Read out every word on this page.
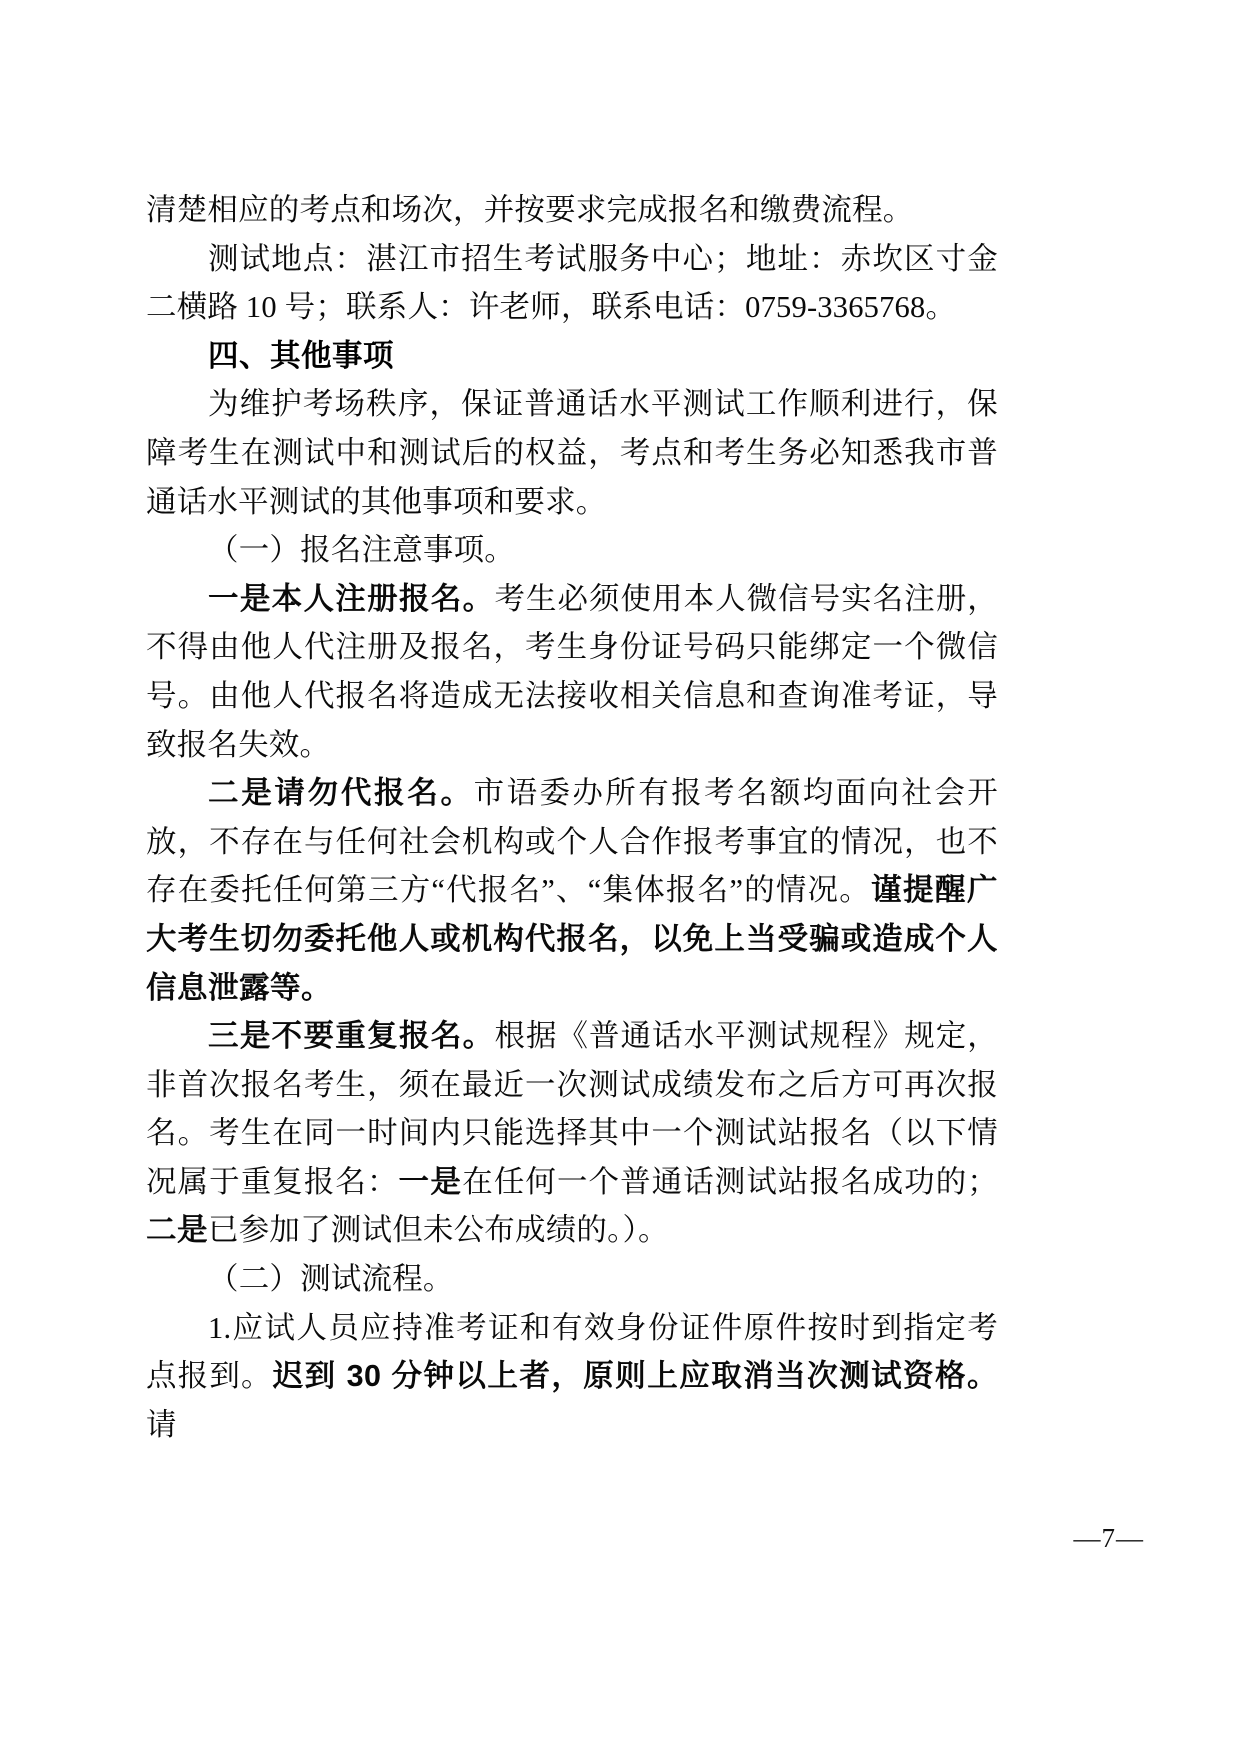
清楚相应的考点和场次，并按要求完成报名和缴费流程。

测试地点：湛江市招生考试服务中心；地址：赤坎区寸金二横路 10 号；联系人：许老师，联系电话：0759-3365768。

四、其他事项

为维护考场秩序，保证普通话水平测试工作顺利进行，保障考生在测试中和测试后的权益，考点和考生务必知悉我市普通话水平测试的其他事项和要求。

（一）报名注意事项。

一是本人注册报名。考生必须使用本人微信号实名注册，不得由他人代注册及报名，考生身份证号码只能绑定一个微信号。由他人代报名将造成无法接收相关信息和查询准考证，导致报名失效。

二是请勿代报名。市语委办所有报考名额均面向社会开放，不存在与任何社会机构或个人合作报考事宜的情况，也不存在委托任何第三方“代报名”、“集体报名”的情况。谨提醒广大考生切勿委托他人或机构代报名，以免上当受骗或造成个人信息泄露等。

三是不要重复报名。根据《普通话水平测试规程》规定，非首次报名考生，须在最近一次测试成绩发布之后方可再次报名。考生在同一时间内只能选择其中一个测试站报名（以下情况属于重复报名：一是在任何一个普通话测试站报名成功的；二是已参加了测试但未公布成绩的。）。

（二）测试流程。

1.应试人员应持准考证和有效身份证件原件按时到指定考点报到。迟到 30 分钟以上者，原则上应取消当次测试资格。请

—7—
